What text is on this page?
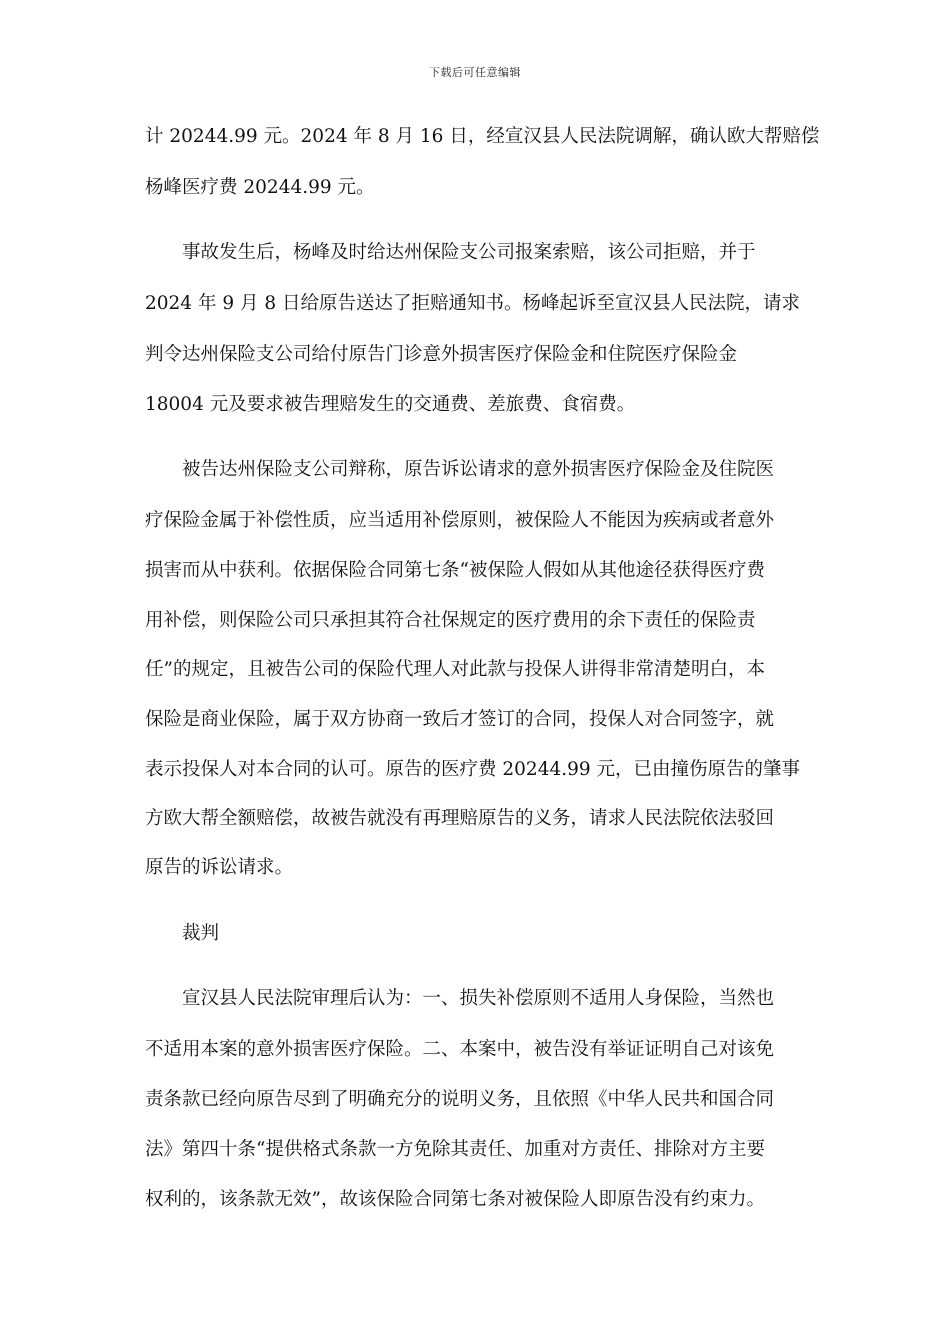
下载后可任意编辑
计 20244.99 元。2024 年 8 月 16 日，经宣汉县人民法院调解，确认欧大帮赔偿
杨峰医疗费 20244.99 元。
事故发生后，杨峰及时给达州保险支公司报案索赔，该公司拒赔，并于
2024 年 9 月 8 日给原告送达了拒赔通知书。杨峰起诉至宣汉县人民法院，请求
判令达州保险支公司给付原告门诊意外损害医疗保险金和住院医疗保险金
18004 元及要求被告理赔发生的交通费、差旅费、食宿费。
被告达州保险支公司辩称，原告诉讼请求的意外损害医疗保险金及住院医
疗保险金属于补偿性质，应当适用补偿原则，被保险人不能因为疾病或者意外
损害而从中获利。依据保险合同第七条“被保险人假如从其他途径获得医疗费
用补偿，则保险公司只承担其符合社保规定的医疗费用的余下责任的保险责
任”的规定，且被告公司的保险代理人对此款与投保人讲得非常清楚明白，本
保险是商业保险，属于双方协商一致后才签订的合同，投保人对合同签字，就
表示投保人对本合同的认可。原告的医疗费 20244.99 元，已由撞伤原告的肇事
方欧大帮全额赔偿，故被告就没有再理赔原告的义务，请求人民法院依法驳回
原告的诉讼请求。
裁判
宣汉县人民法院审理后认为：一、损失补偿原则不适用人身保险，当然也
不适用本案的意外损害医疗保险。二、本案中，被告没有举证证明自己对该免
责条款已经向原告尽到了明确充分的说明义务，且依照《中华人民共和国合同
法》第四十条“提供格式条款一方免除其责任、加重对方责任、排除对方主要
权利的，该条款无效”，故该保险合同第七条对被保险人即原告没有约束力。
